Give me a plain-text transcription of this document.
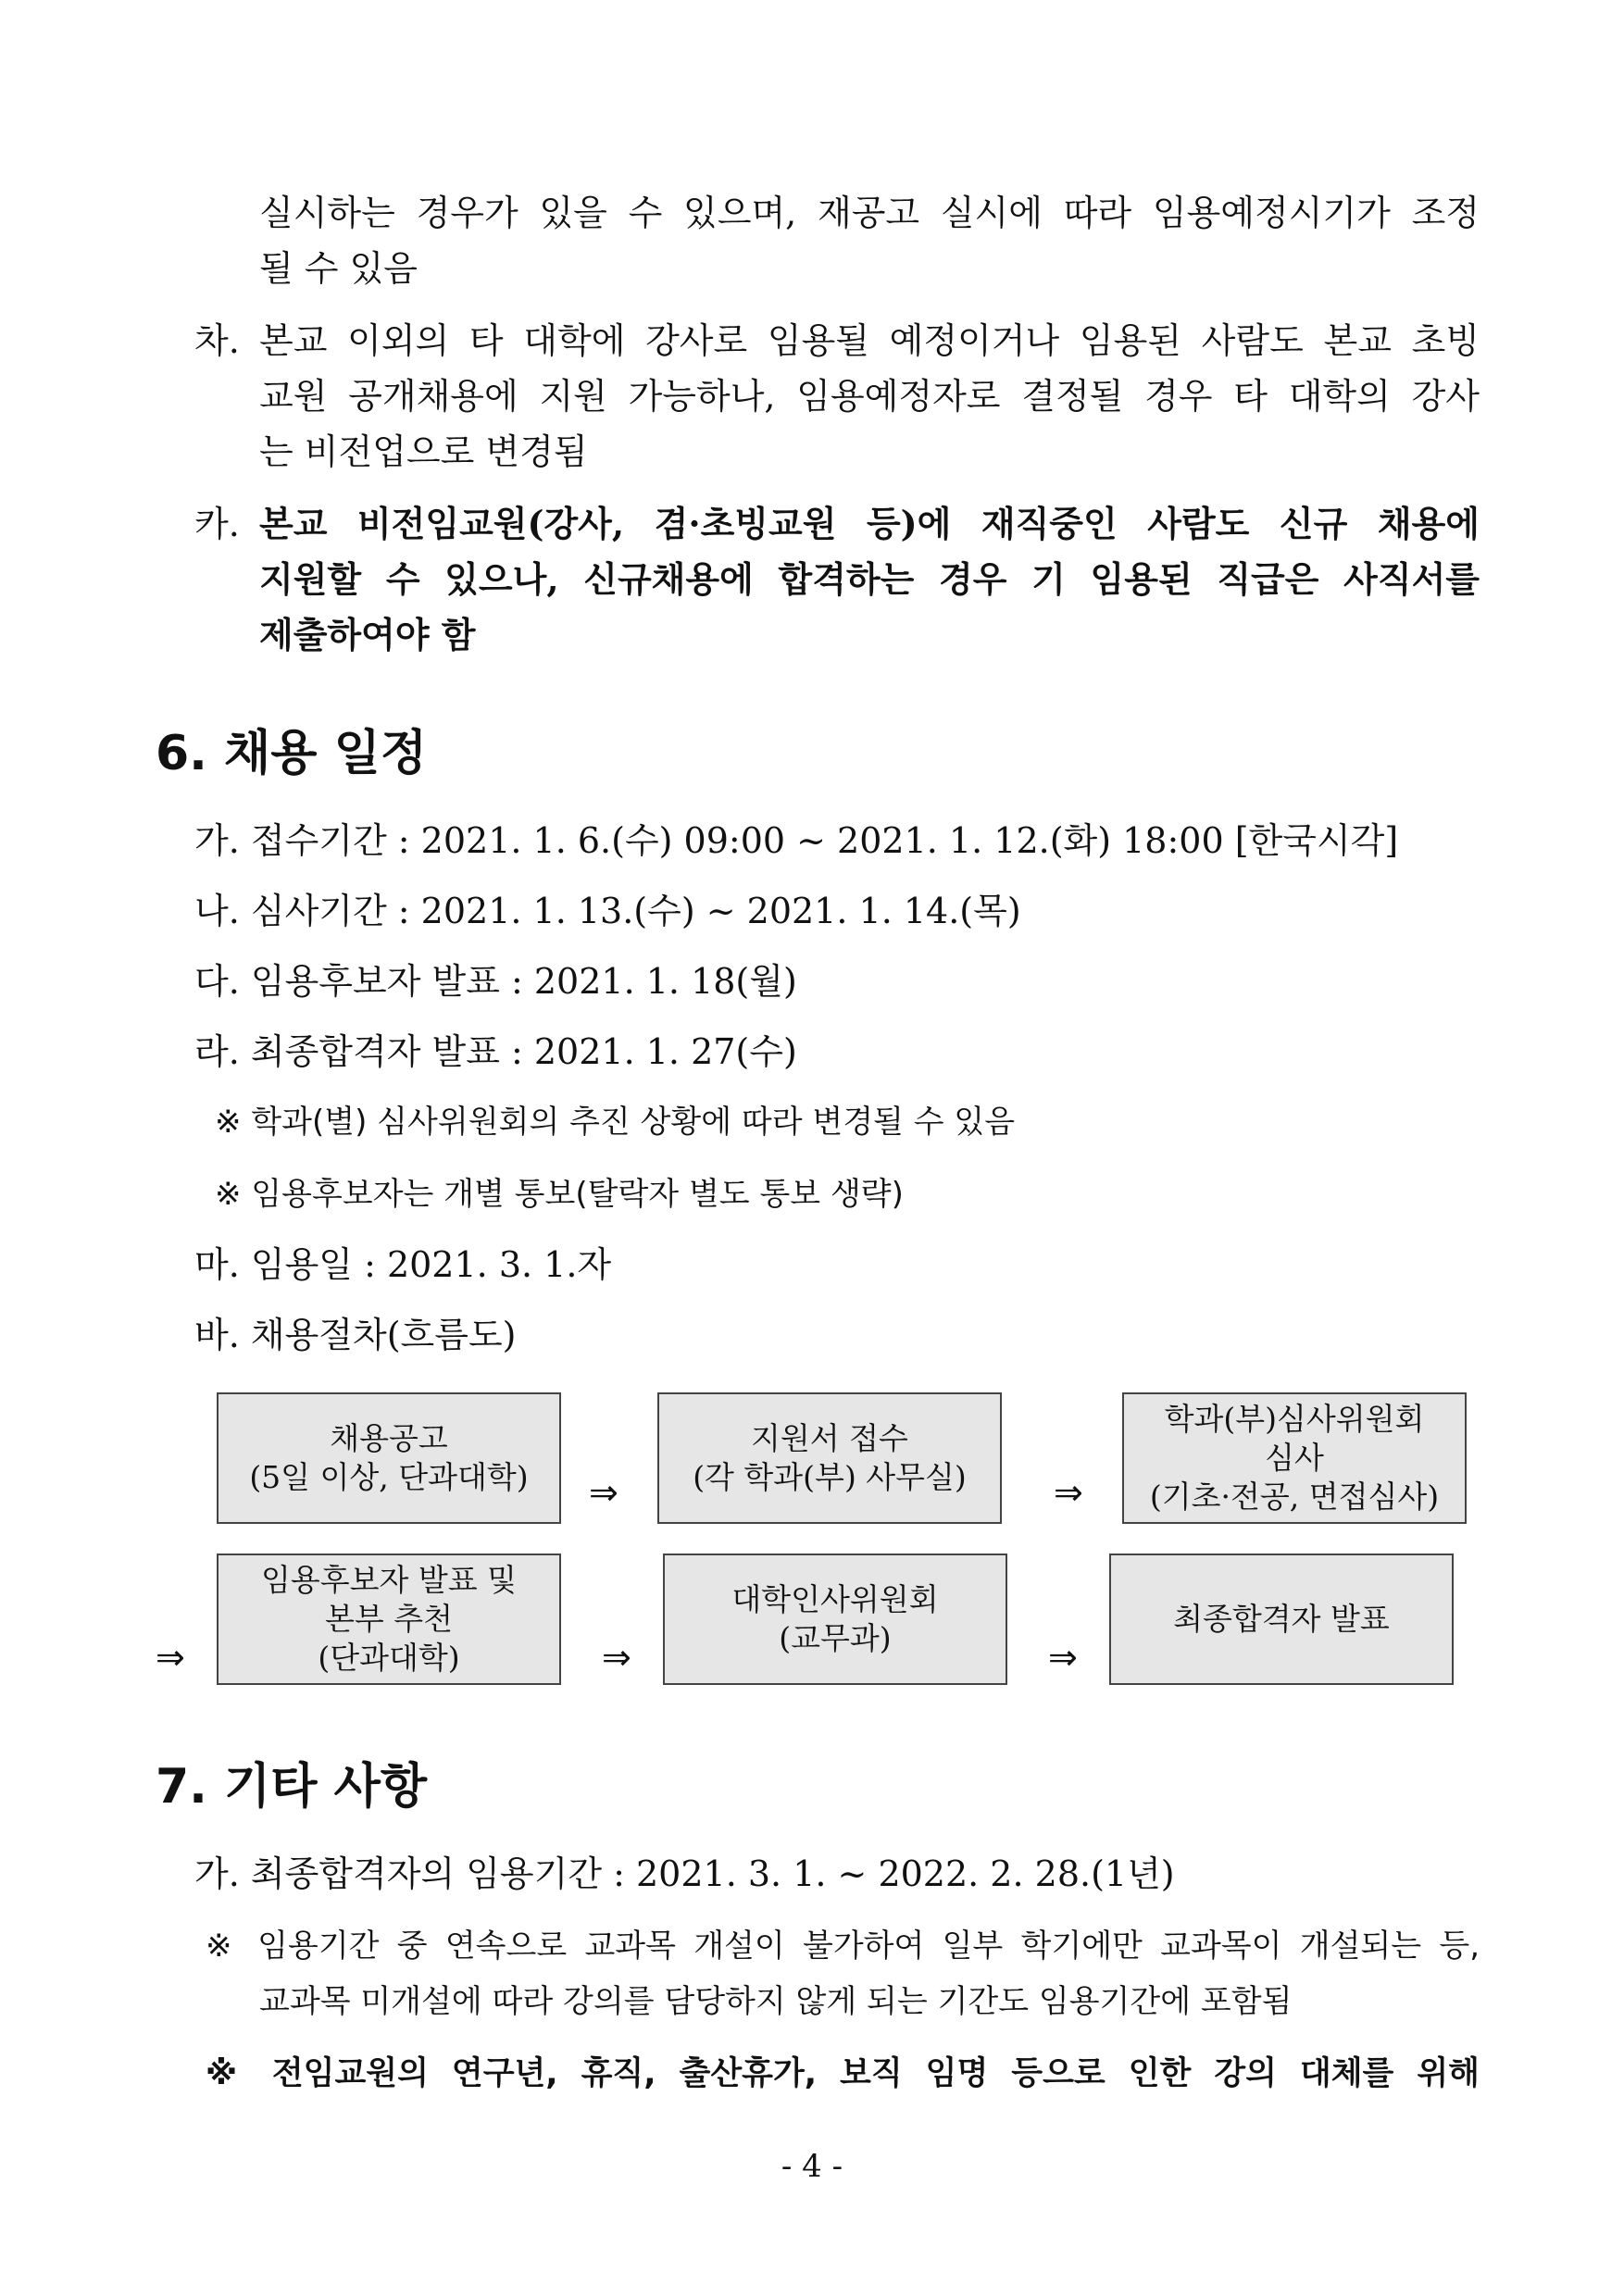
실시하는 경우가 있을 수 있으며, 재공고 실시에 따라 임용예정시기가 조정
될 수 있음
차. 본교 이외의 타 대학에 강사로 임용될 예정이거나 임용된 사람도 본교 초빙
교원 공개채용에 지원 가능하나, 임용예정자로 결정될 경우 타 대학의 강사
는 비전업으로 변경됨
카. 본교 비전임교원(강사, 겸·초빙교원 등)에 재직중인 사람도 신규 채용에
지원할 수 있으나, 신규채용에 합격하는 경우 기 임용된 직급은 사직서를
제출하여야 함
6. 채용 일정
가. 접수기간 : 2021. 1. 6.(수) 09:00 ~ 2021. 1. 12.(화) 18:00 [한국시각]
나. 심사기간 : 2021. 1. 13.(수) ~ 2021. 1. 14.(목)
다. 임용후보자 발표 : 2021. 1. 18(월)
라. 최종합격자 발표 : 2021. 1. 27(수)
※ 학과(별) 심사위원회의 추진 상황에 따라 변경될 수 있음
※ 임용후보자는 개별 통보(탈락자 별도 통보 생략)
마. 임용일 : 2021. 3. 1.자
바. 채용절차(흐름도)
채용공고
(5일 이상, 단과대학) ⇒
지원서 접수
(각 학과(부) 사무실) ⇒
학과(부)심사위원회
심사
(기초·전공, 면접심사)
⇒
임용후보자 발표 및
본부 추천
(단과대학)	⇒
대학인사위원회
(교무과)	⇒
최종합격자 발표
7. 기타 사항
가. 최종합격자의 임용기간 : 2021. 3. 1. ~ 2022. 2. 28.(1년)
※ 임용기간 중 연속으로 교과목 개설이 불가하여 일부 학기에만 교과목이 개설되는 등,
교과목 미개설에 따라 강의를 담당하지 않게 되는 기간도 임용기간에 포함됨
※ 전임교원의 연구년, 휴직, 출산휴가, 보직 임명 등으로 인한 강의 대체를 위해
- 4 -
